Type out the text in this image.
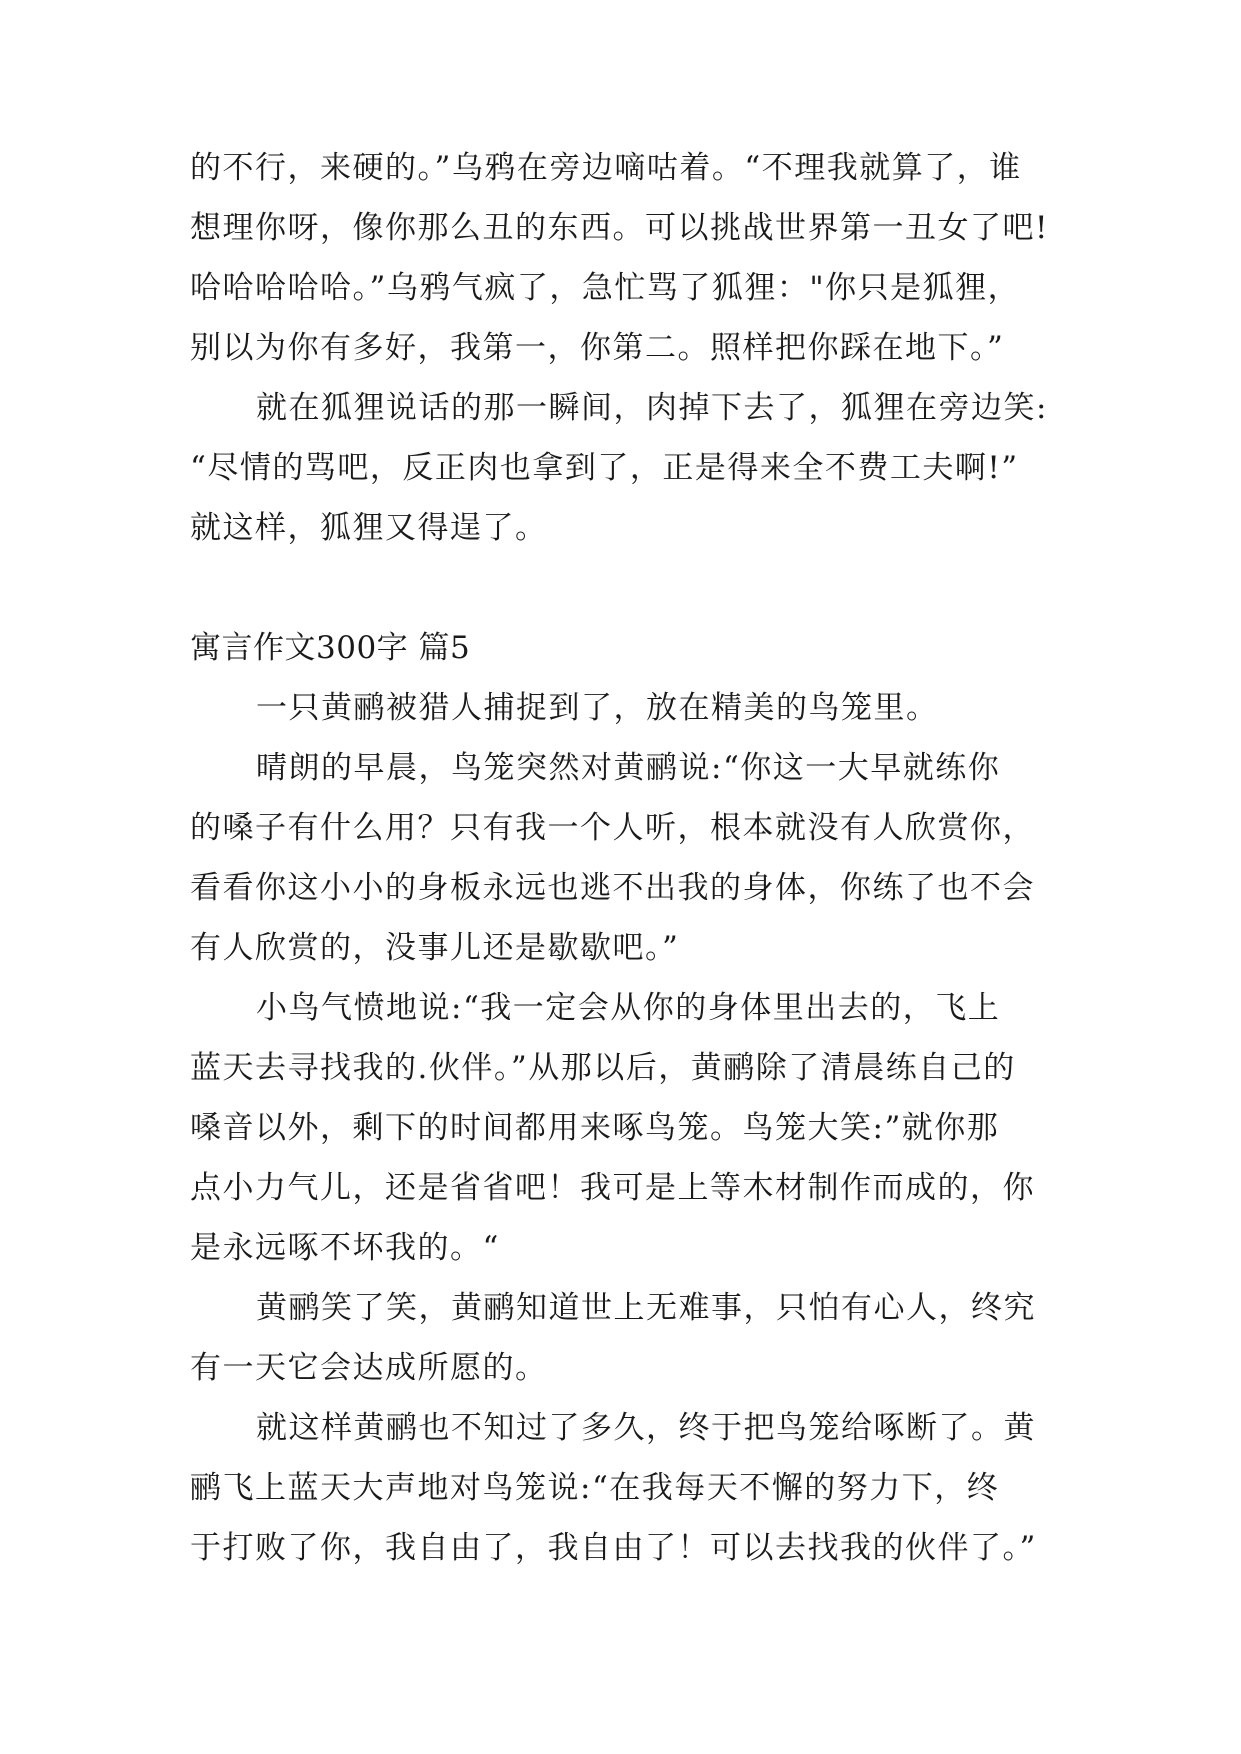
的不行，来硬的。”乌鸦在旁边嘀咕着。“不理我就算了，谁
想理你呀，像你那么丑的东西。可以挑战世界第一丑女了吧!
哈哈哈哈哈。”乌鸦气疯了，急忙骂了狐狸："你只是狐狸，
别以为你有多好，我第一，你第二。照样把你踩在地下。”
就在狐狸说话的那一瞬间，肉掉下去了，狐狸在旁边笑:
“尽情的骂吧，反正肉也拿到了，正是得来全不费工夫啊!”
就这样，狐狸又得逞了。
寓言作文300字 篇5
一只黄鹂被猎人捕捉到了，放在精美的鸟笼里。
晴朗的早晨，鸟笼突然对黄鹂说:“你这一大早就练你
的嗓子有什么用？只有我一个人听，根本就没有人欣赏你，
看看你这小小的身板永远也逃不出我的身体，你练了也不会
有人欣赏的，没事儿还是歇歇吧。”
小鸟气愤地说:“我一定会从你的身体里出去的，飞上
蓝天去寻找我的.伙伴。”从那以后，黄鹂除了清晨练自己的
嗓音以外，剩下的时间都用来啄鸟笼。鸟笼大笑:”就你那
点小力气儿，还是省省吧！我可是上等木材制作而成的，你
是永远啄不坏我的。“
黄鹂笑了笑，黄鹂知道世上无难事，只怕有心人，终究
有一天它会达成所愿的。
就这样黄鹂也不知过了多久，终于把鸟笼给啄断了。黄
鹂飞上蓝天大声地对鸟笼说:“在我每天不懈的努力下，终
于打败了你，我自由了，我自由了！可以去找我的伙伴了。”
